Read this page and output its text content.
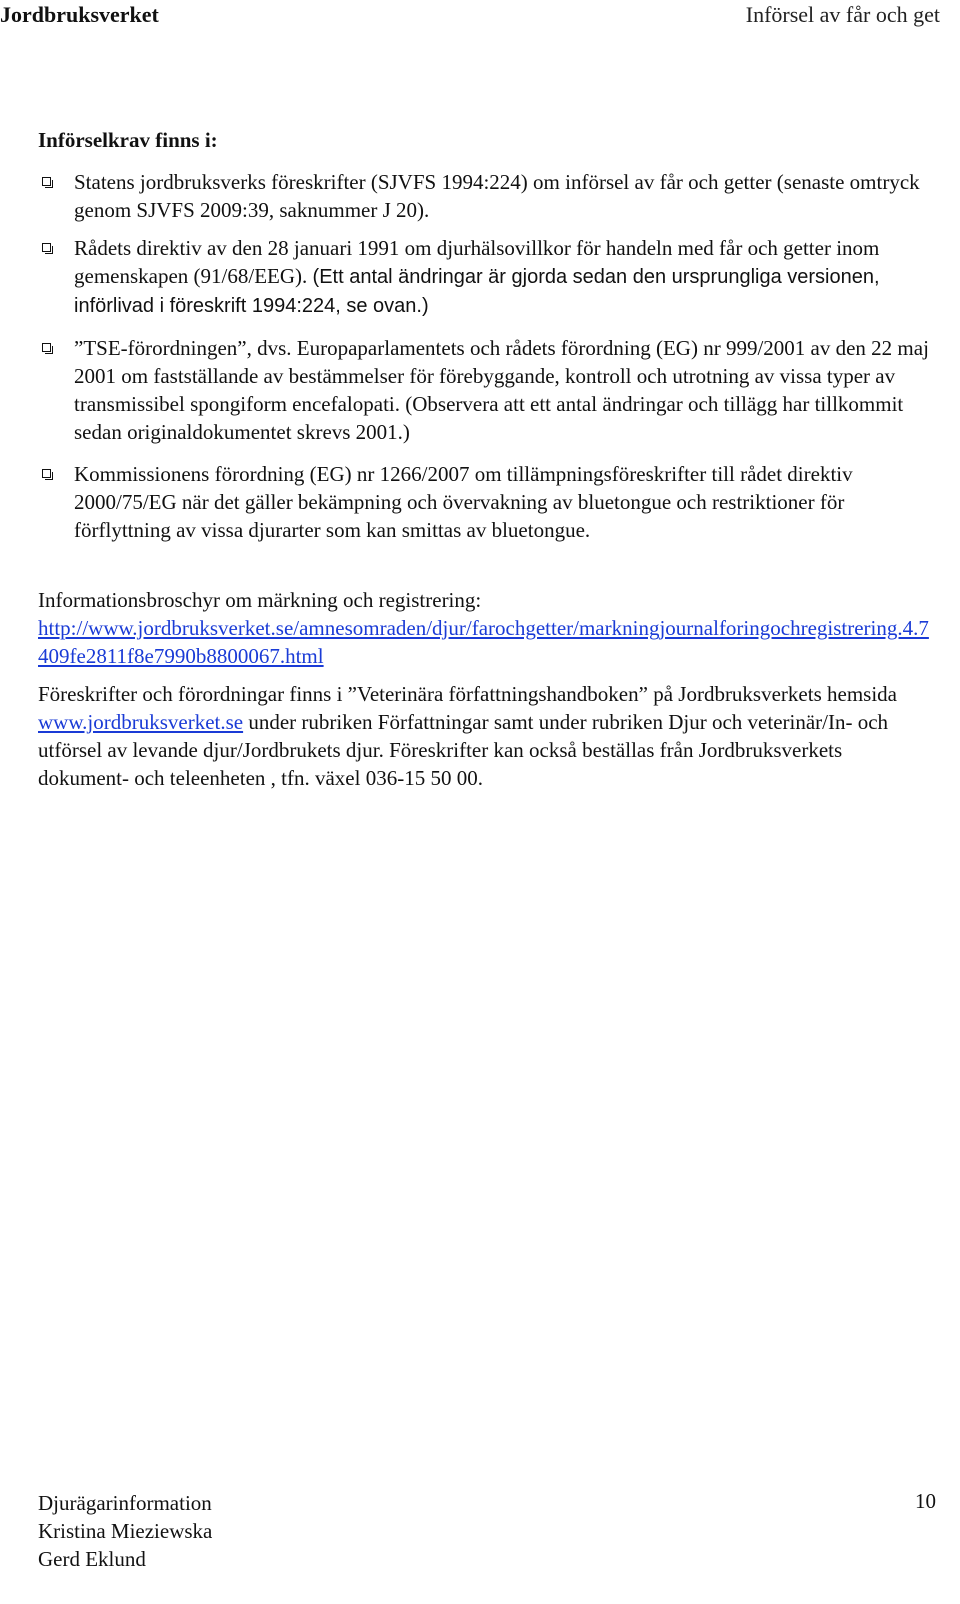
Jordbruksverket	Införsel av får och get
Införselkrav finns i:
Statens jordbruksverks föreskrifter (SJVFS 1994:224) om införsel av får och getter (senaste omtryck genom SJVFS 2009:39, saknummer J 20).
Rådets direktiv av den 28 januari 1991 om djurhälsovillkor för handeln med får och getter inom gemenskapen (91/68/EEG). (Ett antal ändringar är gjorda sedan den ursprungliga versionen, införlivad i föreskrift 1994:224, se ovan.)
”TSE-förordningen”, dvs. Europaparlamentets och rådets förordning (EG) nr 999/2001 av den 22 maj 2001 om fastställande av bestämmelser för förebyggande, kontroll och utrotning av vissa typer av transmissibel spongiform encefalopati. (Observera att ett antal ändringar och tillägg har tillkommit sedan originaldokumentet skrevs 2001.)
Kommissionens förordning (EG) nr 1266/2007 om tillämpningsföreskrifter till rådet direktiv 2000/75/EG när det gäller bekämpning och övervakning av bluetongue och restriktioner för förflyttning av vissa djurarter som kan smittas av bluetongue.
Informationsbroschyr om märkning och registrering:
http://www.jordbruksverket.se/amnesomraden/djur/farochgetter/markningjournalforingochregistrering.4.7409fe2811f8e7990b8800067.html
Föreskrifter och förordningar finns i ”Veterinära författningshandboken” på Jordbruksverkets hemsida www.jordbruksverket.se under rubriken Författningar samt under rubriken Djur och veterinär/In- och utförsel av levande djur/Jordbrukets djur. Föreskrifter kan också beställas från Jordbruksverkets dokument- och teleenheten , tfn. växel 036-15 50 00.
Djurägarinformation
Kristina Mieziewska
Gerd Eklund
10
